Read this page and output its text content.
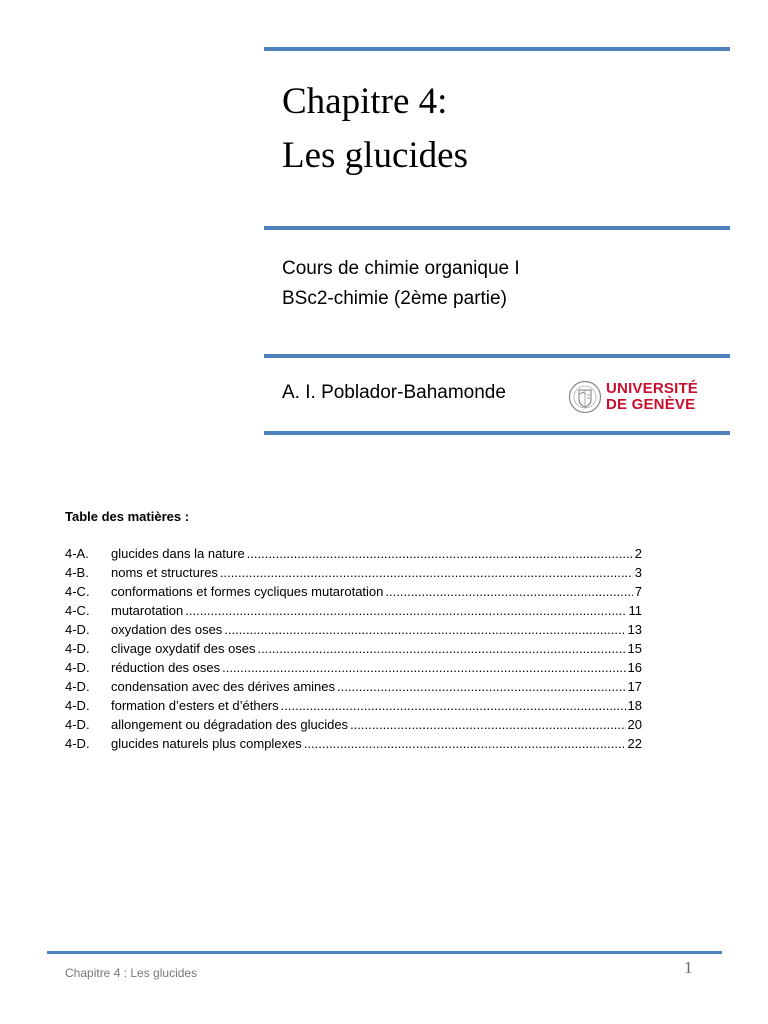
Chapitre 4:
Les glucides
Cours de chimie organique I
BSc2-chimie (2ème partie)
A. I. Poblador-Bahamonde	UNIVERSITÉ
DE GENÈVE
Table des matières :
4-A.	glucides dans la nature .....	2
4-B.	noms et structures .....	3
4-C.	conformations et formes cycliques mutarotation .....	7
4-C.	mutarotation .....	11
4-D.	oxydation des oses .....	13
4-D.	clivage oxydatif des oses .....	15
4-D.	réduction des oses .....	16
4-D.	condensation avec des dérives amines .....	17
4-D.	formation d’esters et d’éthers .....	18
4-D.	allongement ou dégradation des glucides .....	20
4-D.	glucides naturels plus complexes .....	22
Chapitre 4 : Les glucides	1
